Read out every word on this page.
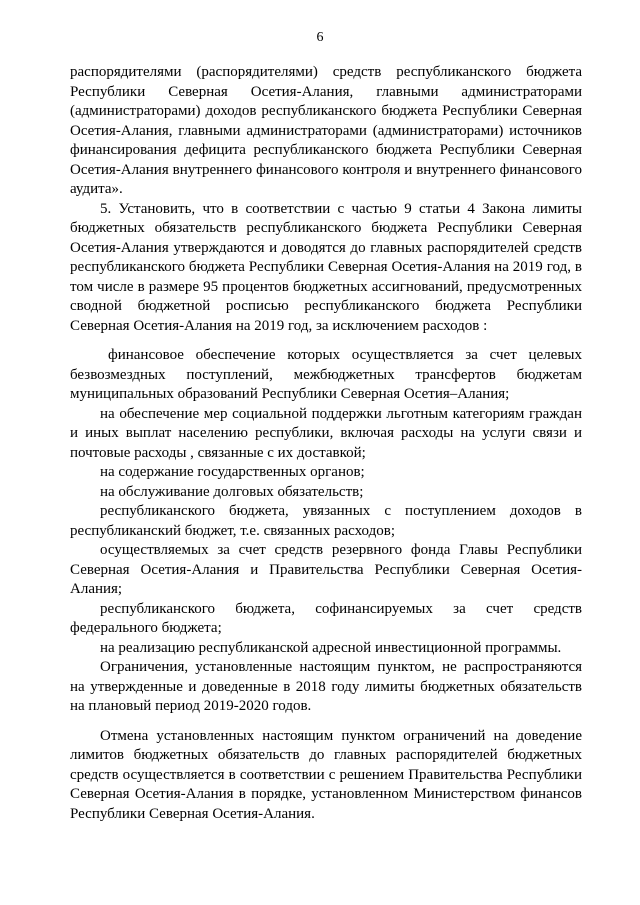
6

распорядителями (распорядителями) средств республиканского бюджета Республики Северная Осетия-Алания, главными администраторами (администраторами) доходов республиканского бюджета Республики Северная Осетия-Алания, главными администраторами (администраторами) источников финансирования дефицита республиканского бюджета Республики Северная Осетия-Алания внутреннего финансового контроля и внутреннего финансового аудита».

5. Установить, что в соответствии с частью 9 статьи 4 Закона лимиты бюджетных обязательств республиканского бюджета Республики Северная Осетия-Алания утверждаются и доводятся до главных распорядителей средств республиканского бюджета Республики Северная Осетия-Алания на 2019 год, в том числе в размере 95 процентов бюджетных ассигнований, предусмотренных сводной бюджетной росписью республиканского бюджета Республики Северная Осетия-Алания на 2019 год, за исключением расходов :

финансовое обеспечение которых осуществляется за счет целевых безвозмездных поступлений, межбюджетных трансфертов бюджетам муниципальных образований Республики Северная Осетия–Алания;

на обеспечение мер социальной поддержки льготным категориям граждан и иных выплат населению республики, включая расходы на услуги связи и почтовые расходы , связанные с их доставкой;

на содержание государственных органов;

на обслуживание долговых обязательств;

республиканского бюджета, увязанных с поступлением доходов в республиканский бюджет, т.е. связанных расходов;

осуществляемых за счет средств резервного фонда Главы Республики Северная Осетия-Алания и Правительства Республики Северная Осетия-Алания;

республиканского бюджета, софинансируемых за счет средств федерального бюджета;

на реализацию республиканской адресной инвестиционной программы.

Ограничения, установленные настоящим пунктом, не распространяются на утвержденные и доведенные в 2018 году лимиты бюджетных обязательств на плановый период 2019-2020 годов.

Отмена установленных настоящим пунктом ограничений на доведение лимитов бюджетных обязательств до главных распорядителей бюджетных средств осуществляется в соответствии с решением Правительства Республики Северная Осетия-Алания в порядке, установленном Министерством финансов Республики Северная Осетия-Алания.
